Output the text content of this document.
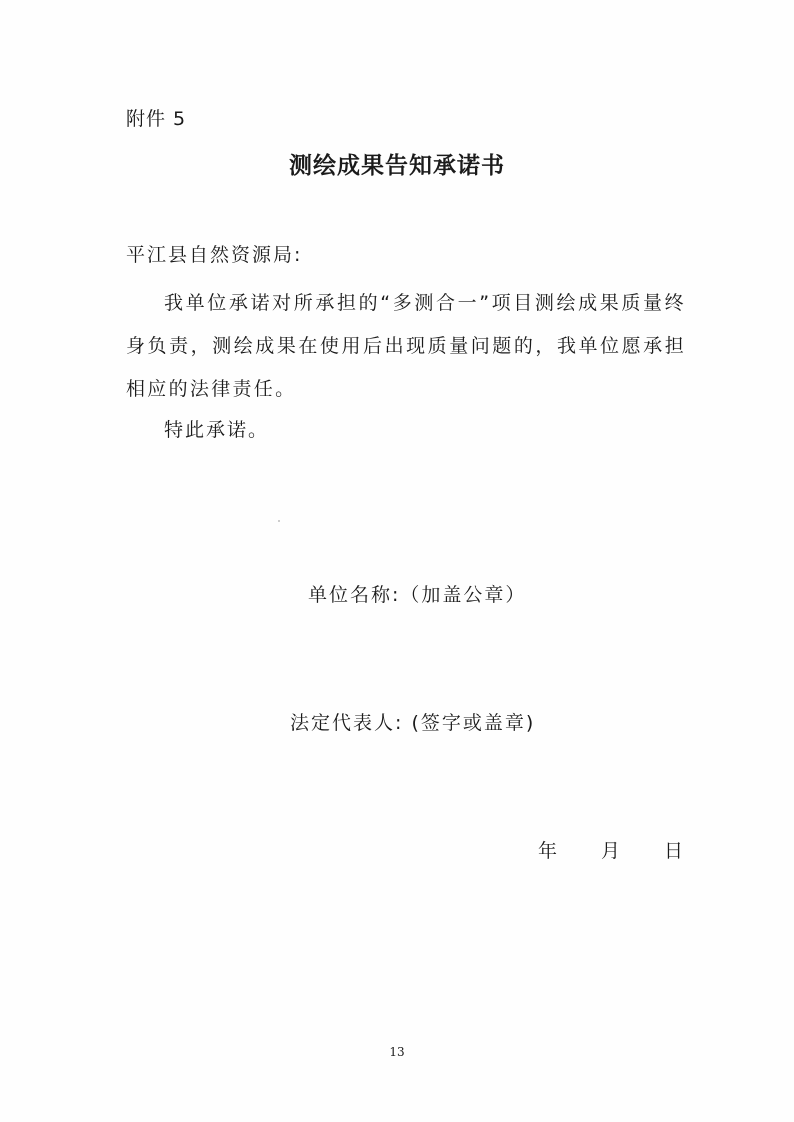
附件 5
测绘成果告知承诺书
平江县自然资源局:
我单位承诺对所承担的“多测合一”项目测绘成果质量终身负责，测绘成果在使用后出现质量问题的，我单位愿承担相应的法律责任。
特此承诺。
单位名称:（加盖公章）
法定代表人: (签字或盖章)
年 月 日
13
